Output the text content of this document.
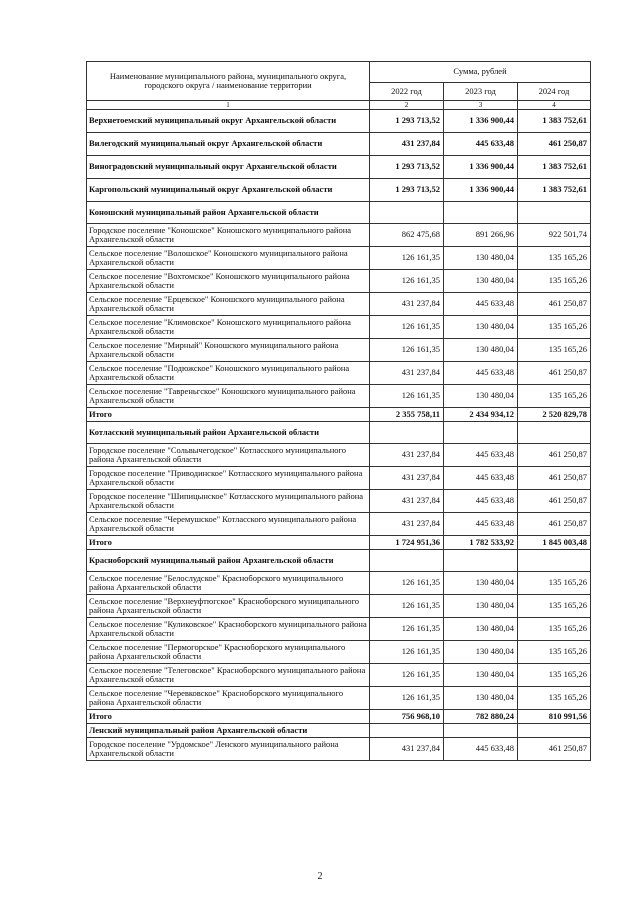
Наименование муниципального района, муниципального округа, городского округа / наименование территории	Сумма, рублей		
	2022 год	2023 год	2024 год
1	2	3	4
Верхнетоемский муниципальный округ Архангельской области	1 293 713,52	1 336 900,44	1 383 752,61
Вилегодский муниципальный округ Архангельской области	431 237,84	445 633,48	461 250,87
Виноградовский муниципальный округ Архангельской области	1 293 713,52	1 336 900,44	1 383 752,61
Каргопольский муниципальный округ Архангельской области	1 293 713,52	1 336 900,44	1 383 752,61
Коношский муниципальный район Архангельской области			
Городское поселение "Коношское" Коношского муниципального района Архангельской области	862 475,68	891 266,96	922 501,74
Сельское поселение "Волошское" Коношского муниципального района Архангельской области	126 161,35	130 480,04	135 165,26
Сельское поселение "Вохтомское" Коношского муниципального района Архангельской области	126 161,35	130 480,04	135 165,26
Сельское поселение "Ерцевское" Коношского муниципального района Архангельской области	431 237,84	445 633,48	461 250,87
Сельское поселение "Климовское" Коношского муниципального района Архангельской области	126 161,35	130 480,04	135 165,26
Сельское поселение "Мирный" Коношского муниципального района Архангельской области	126 161,35	130 480,04	135 165,26
Сельское поселение "Подюжское" Коношского муниципального района Архангельской области	431 237,84	445 633,48	461 250,87
Сельское поселение "Тавреньгское" Коношского муниципального района Архангельской области	126 161,35	130 480,04	135 165,26
Итого	2 355 758,11	2 434 934,12	2 520 829,78
Котласский муниципальный район Архангельской области			
Городское поселение "Сольвычегодское" Котласского муниципального района Архангельской области	431 237,84	445 633,48	461 250,87
Городское поселение "Приводинское" Котласского муниципального района Архангельской области	431 237,84	445 633,48	461 250,87
Городское поселение "Шипицынское" Котласского муниципального района Архангельской области	431 237,84	445 633,48	461 250,87
Сельское поселение "Черемушское" Котласского муниципального района Архангельской области	431 237,84	445 633,48	461 250,87
Итого	1 724 951,36	1 782 533,92	1 845 003,48
Красноборский муниципальный район Архангельской области			
Сельское поселение "Белослудское" Красноборского муниципального района Архангельской области	126 161,35	130 480,04	135 165,26
Сельское поселение "Верхнеуфтюгское" Красноборского муниципального района Архангельской области	126 161,35	130 480,04	135 165,26
Сельское поселение "Куликовское" Красноборского муниципального района Архангельской области	126 161,35	130 480,04	135 165,26
Сельское поселение "Пермогорское" Красноборского муниципального района Архангельской области	126 161,35	130 480,04	135 165,26
Сельское поселение "Телеговское" Красноборского муниципального района Архангельской области	126 161,35	130 480,04	135 165,26
Сельское поселение "Черевковское" Красноборского муниципального района Архангельской области	126 161,35	130 480,04	135 165,26
Итого	756 968,10	782 880,24	810 991,56
Ленский муниципальный район Архангельской области			
Городское поселение "Урдомское" Ленского муниципального района Архангельской области	431 237,84	445 633,48	461 250,87
2
